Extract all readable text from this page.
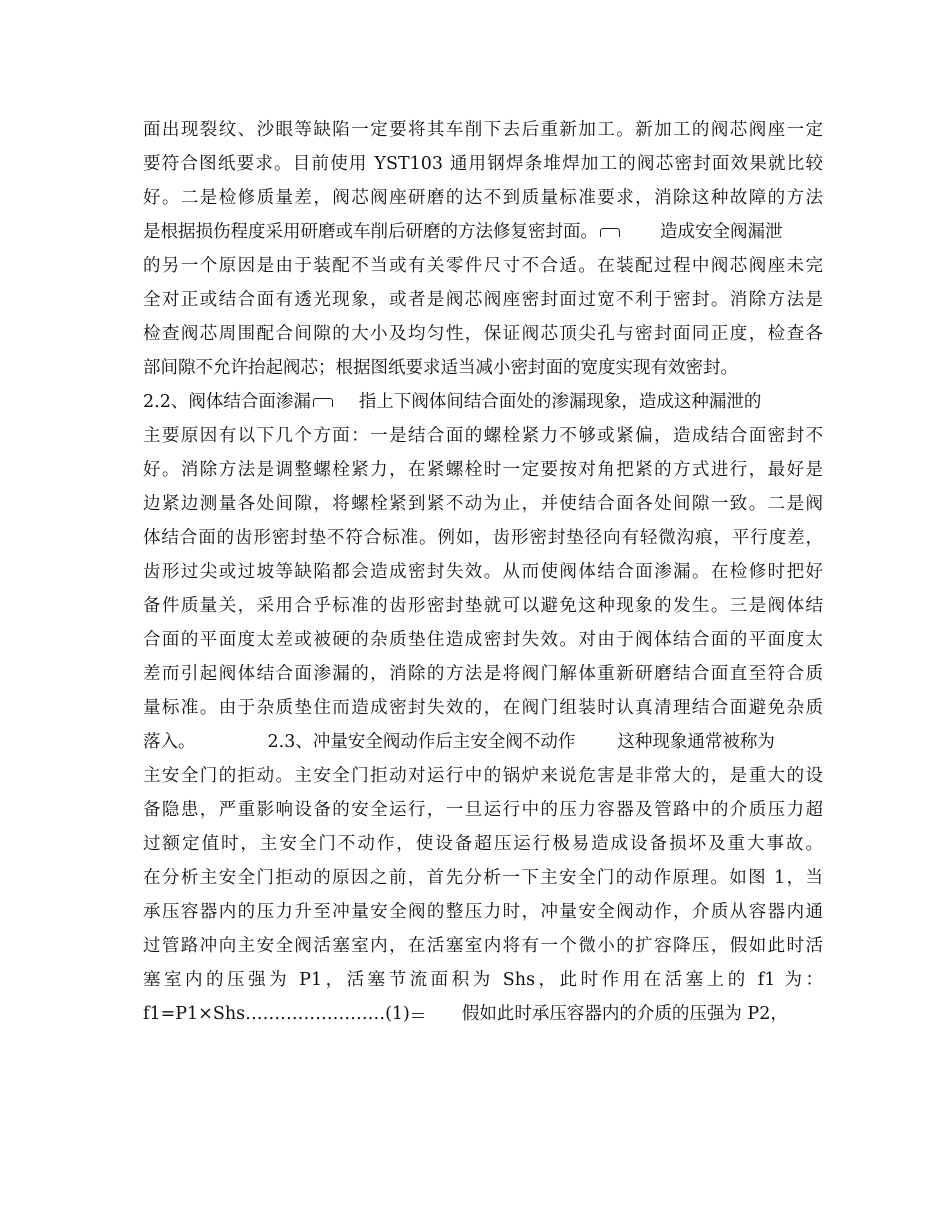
面出现裂纹、沙眼等缺陷一定要将其车削下去后重新加工。新加工的阀芯阀座一定
要符合图纸要求。目前使用 YST103 通用钢焊条堆焊加工的阀芯密封面效果就比较
好。二是检修质量差，阀芯阀座研磨的达不到质量标准要求，消除这种故障的方法
是根据损伤程度采用研磨或车削后研磨的方法修复密封面。	造成安全阀漏泄
的另一个原因是由于装配不当或有关零件尺寸不合适。在装配过程中阀芯阀座未完
全对正或结合面有透光现象，或者是阀芯阀座密封面过宽不利于密封。消除方法是
检查阀芯周围配合间隙的大小及均匀性，保证阀芯顶尖孔与密封面同正度，检查各
部间隙不允许抬起阀芯；根据图纸要求适当减小密封面的宽度实现有效密封。
2.2、阀体结合面渗漏	指上下阀体间结合面处的渗漏现象，造成这种漏泄的
主要原因有以下几个方面：一是结合面的螺栓紧力不够或紧偏，造成结合面密封不
好。消除方法是调整螺栓紧力，在紧螺栓时一定要按对角把紧的方式进行，最好是
边紧边测量各处间隙，将螺栓紧到紧不动为止，并使结合面各处间隙一致。二是阀
体结合面的齿形密封垫不符合标准。例如，齿形密封垫径向有轻微沟痕，平行度差，
齿形过尖或过坡等缺陷都会造成密封失效。从而使阀体结合面渗漏。在检修时把好
备件质量关，采用合乎标准的齿形密封垫就可以避免这种现象的发生。三是阀体结
合面的平面度太差或被硬的杂质垫住造成密封失效。对由于阀体结合面的平面度太
差而引起阀体结合面渗漏的，消除的方法是将阀门解体重新研磨结合面直至符合质
量标准。由于杂质垫住而造成密封失效的，在阀门组装时认真清理结合面避免杂质
落入。	2.3、冲量安全阀动作后主安全阀不动作 这种现象通常被称为
主安全门的拒动。主安全门拒动对运行中的锅炉来说危害是非常大的，是重大的设
备隐患，严重影响设备的安全运行，一旦运行中的压力容器及管路中的介质压力超
过额定值时，主安全门不动作，使设备超压运行极易造成设备损坏及重大事故。
在分析主安全门拒动的原因之前，首先分析一下主安全门的动作原理。如图 1，当
承压容器内的压力升至冲量安全阀的整压力时，冲量安全阀动作，介质从容器内通
过管路冲向主安全阀活塞室内，在活塞室内将有一个微小的扩容降压，假如此时活
塞室内的压强为 P1，活塞节流面积为 Shs，此时作用在活塞上的 f1 为：
f1=P1×Shs……………………(1)	假如此时承压容器内的介质的压强为 P2，
